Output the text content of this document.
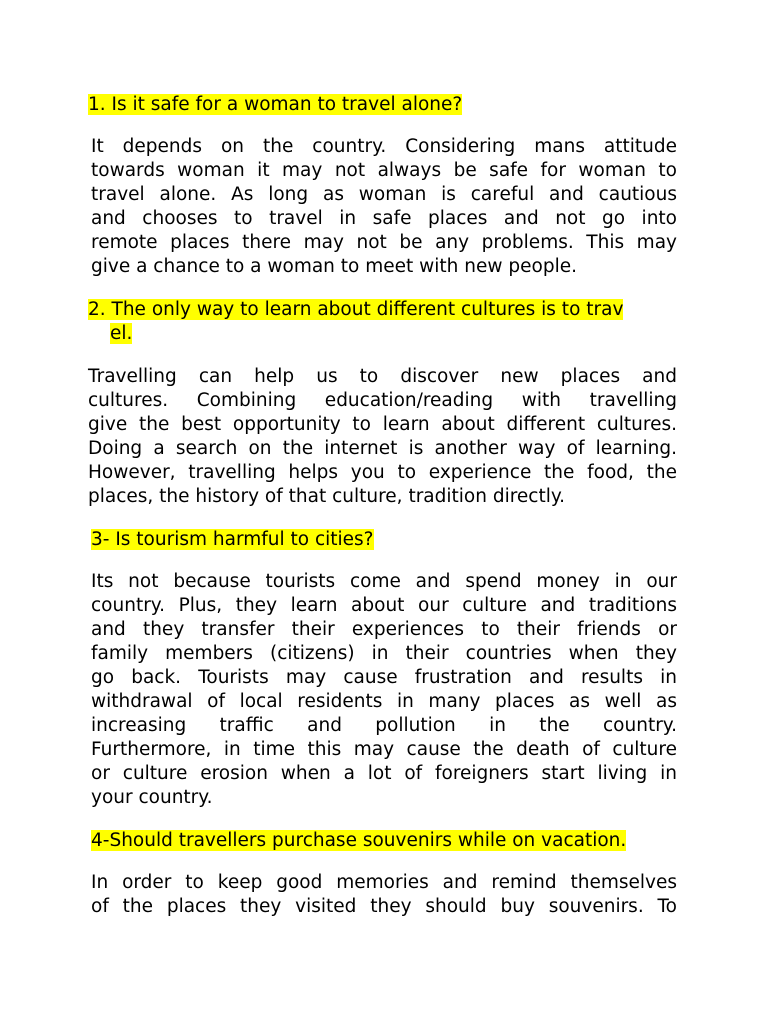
1. Is it safe for a woman to travel alone?
It depends on the country. Considering mans attitude
towards woman it may not always be safe for woman to
travel alone. As long as woman is careful and cautious
and chooses to travel in safe places and not go into
remote places there may not be any problems. This may
give a chance to a woman to meet with new people.
2. The only way to learn about different cultures is to trav
el.
Travelling can help us to discover new places and
cultures. Combining education/reading with travelling
give the best opportunity to learn about different cultures.
Doing a search on the internet is another way of learning.
However, travelling helps you to experience the food, the
places, the history of that culture, tradition directly.
3- Is tourism harmful to cities?
Its not because tourists come and spend money in our
country. Plus, they learn about our culture and traditions
and they transfer their experiences to their friends or
family members (citizens) in their countries when they
go back. Tourists may cause frustration and results in
withdrawal of local residents in many places as well as
increasing traffic and pollution in the country.
Furthermore, in time this may cause the death of culture
or culture erosion when a lot of foreigners start living in
your country.
4-Should travellers purchase souvenirs while on vacation.
In order to keep good memories and remind themselves
of the places they visited they should buy souvenirs. To
